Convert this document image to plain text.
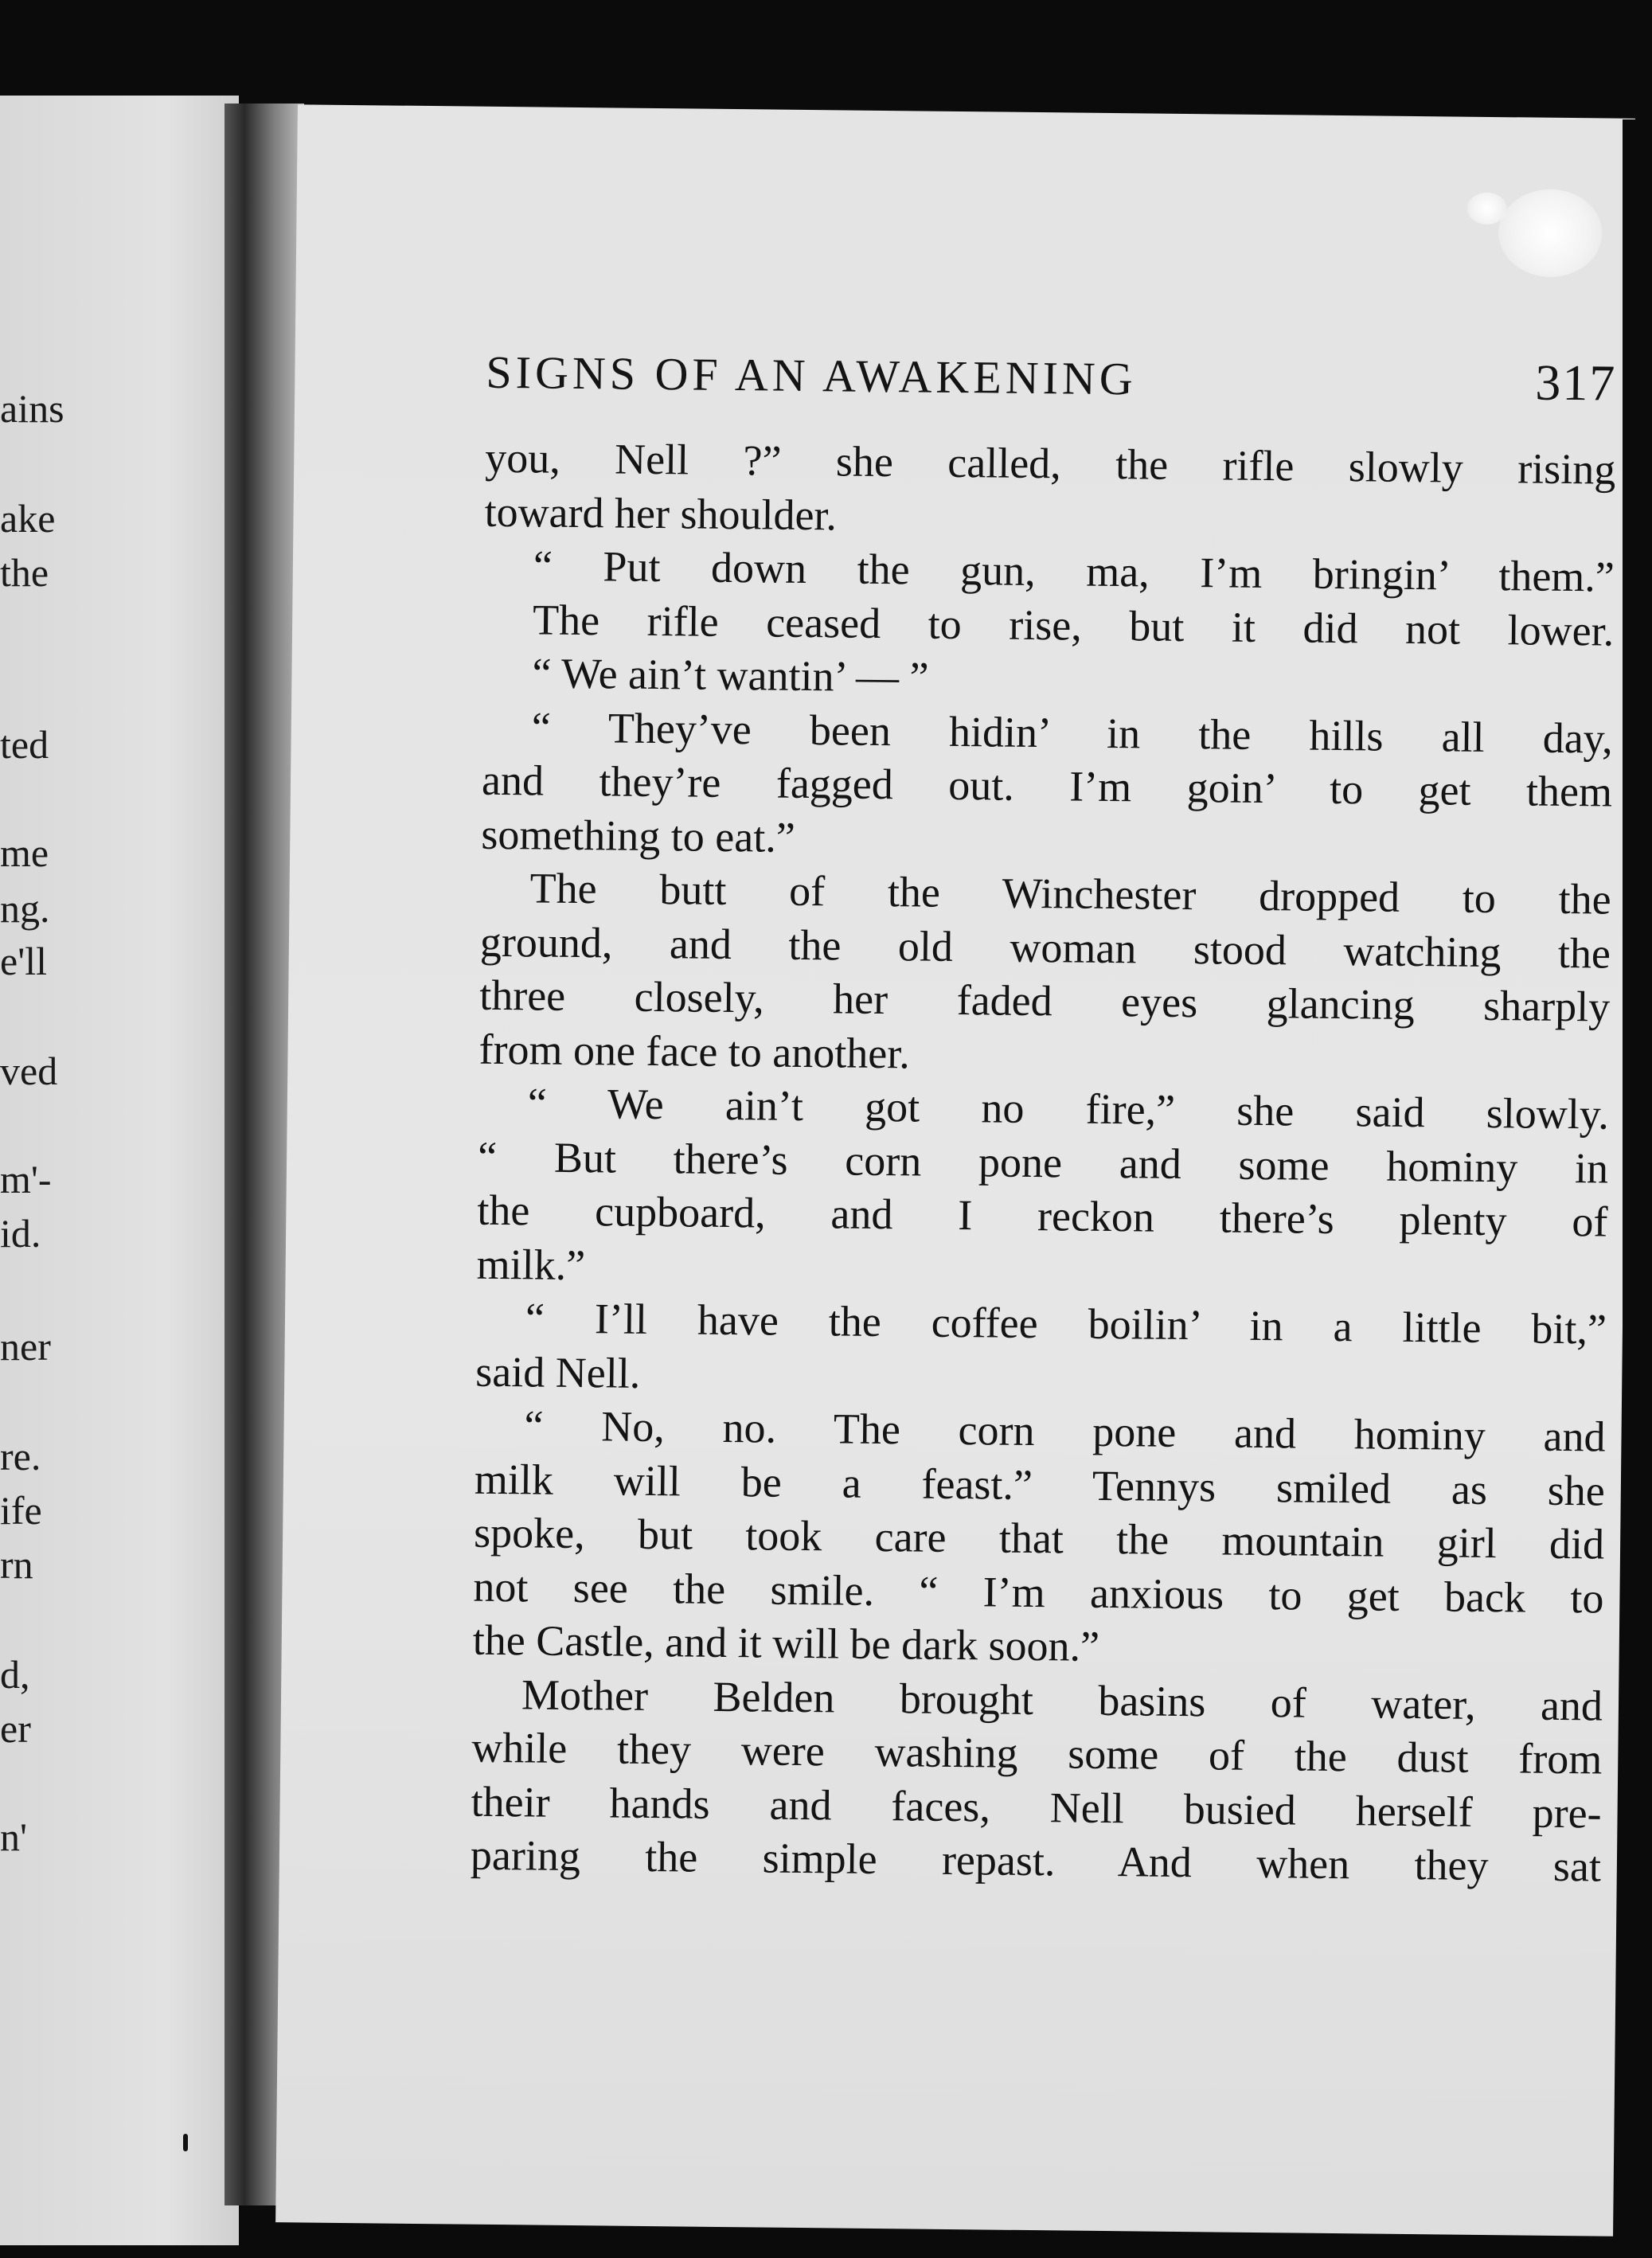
ains
ake
the
ted
me
ng.
e'll
ved
m'-
id.
ner
re.
ife
rn
d,
er
n'
SIGNS OF AN AWAKENING	317
you, Nell ?” she called, the rifle slowly rising
toward her shoulder.
“ Put down the gun, ma, I’m bringin’ them.”
The rifle ceased to rise, but it did not lower.
“ We ain’t wantin’ — ”
“ They’ve been hidin’ in the hills all day,
and they’re fagged out. I’m goin’ to get them
something to eat.”
The butt of the Winchester dropped to the
ground, and the old woman stood watching the
three closely, her faded eyes glancing sharply
from one face to another.
“ We ain’t got no fire,” she said slowly.
“ But there’s corn pone and some hominy in
the cupboard, and I reckon there’s plenty of
milk.”
“ I’ll have the coffee boilin’ in a little bit,”
said Nell.
“ No, no. The corn pone and hominy and
milk will be a feast.” Tennys smiled as she
spoke, but took care that the mountain girl did
not see the smile. “ I’m anxious to get back to
the Castle, and it will be dark soon.”
Mother Belden brought basins of water, and
while they were washing some of the dust from
their hands and faces, Nell busied herself pre-
paring the simple repast. And when they sat
